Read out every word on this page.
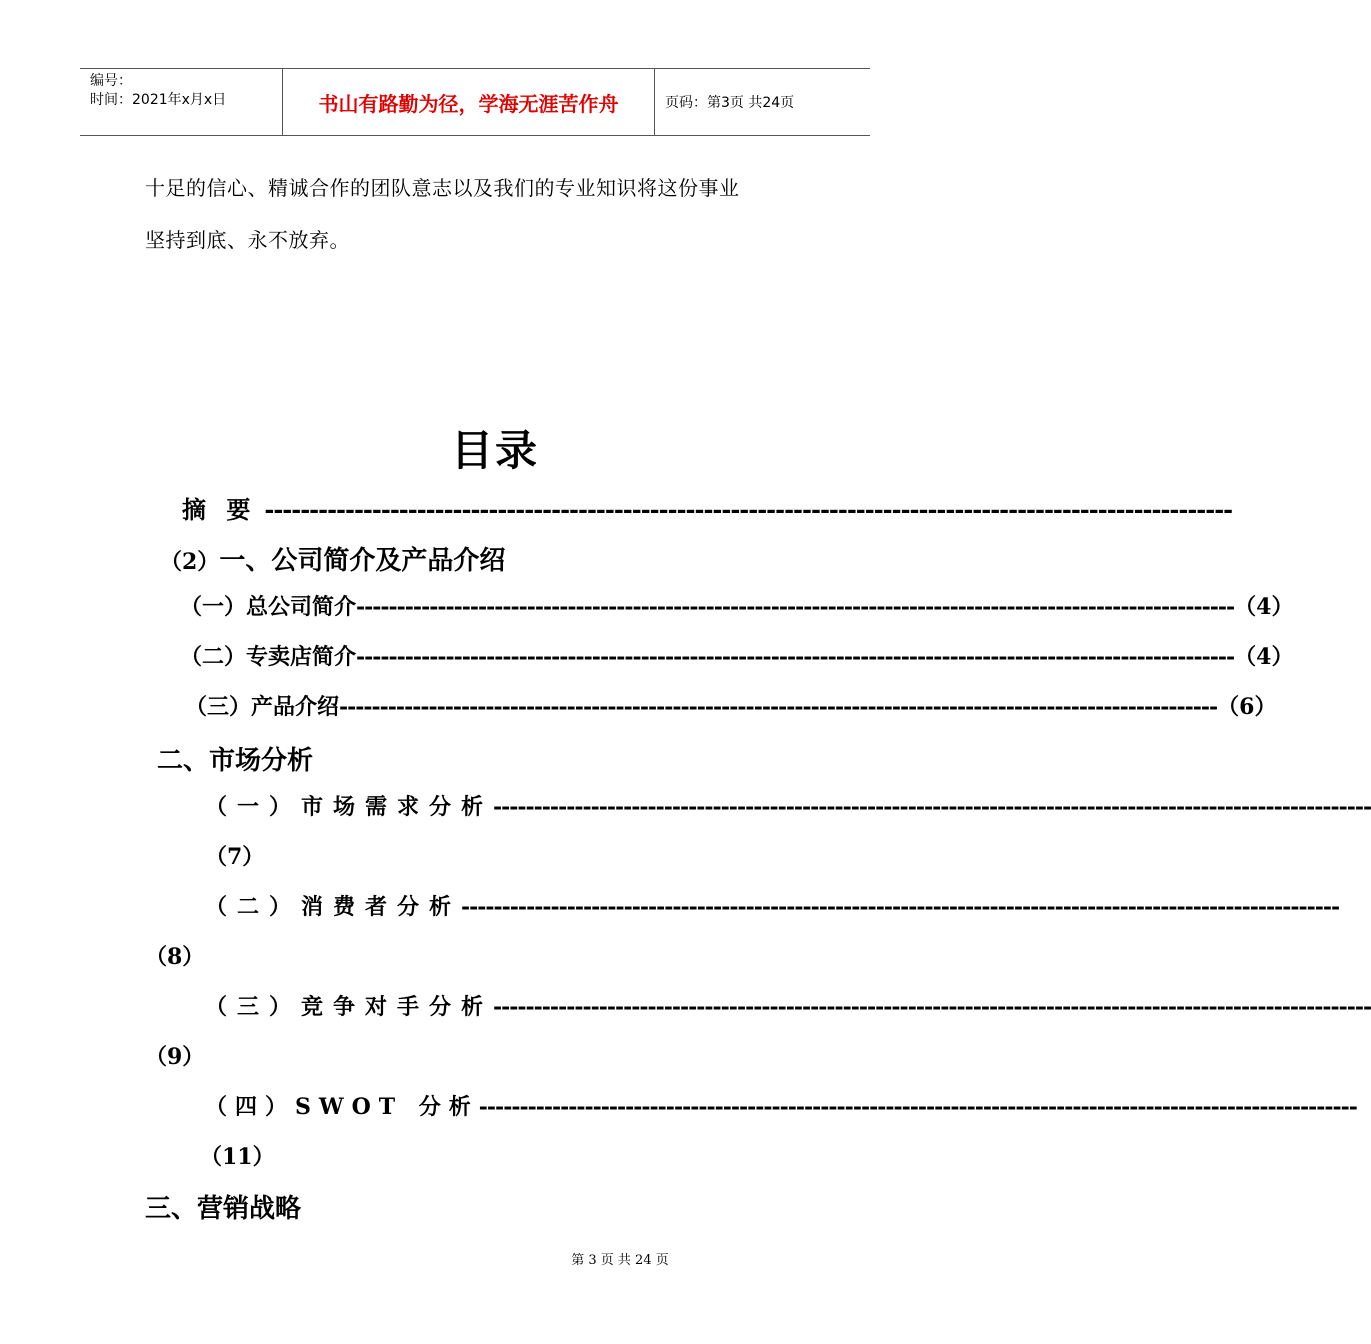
编号：
时间：2021年x月x日	书山有路勤为径，学海无涯苦作舟	页码：第3页 共24页
十足的信心、精诚合作的团队意志以及我们的专业知识将这份事业
坚持到底、永不放弃。
目录
摘 要 ------------------------------------------------------------------------------------------------------------
（2）一、公司简介及产品介绍
（一）总公司简介 ------------------------------------------------------------------------------------------------------------ （4）
（二）专卖店简介 ------------------------------------------------------------------------------------------------------------ （4）
（三）产品介绍 ------------------------------------------------------------------------------------------------------------ （6）
二、市场分析
（一）市场需求分析 ------------------------------------------------------------------------------------------------------------
（7）
（二）消费者分析 ------------------------------------------------------------------------------------------------------------
（8）
（三）竞争对手分析 ------------------------------------------------------------------------------------------------------------
（9）
（四）SWOT 分析 ------------------------------------------------------------------------------------------------------------
（11）
三、营销战略
第 3 页 共 24 页
